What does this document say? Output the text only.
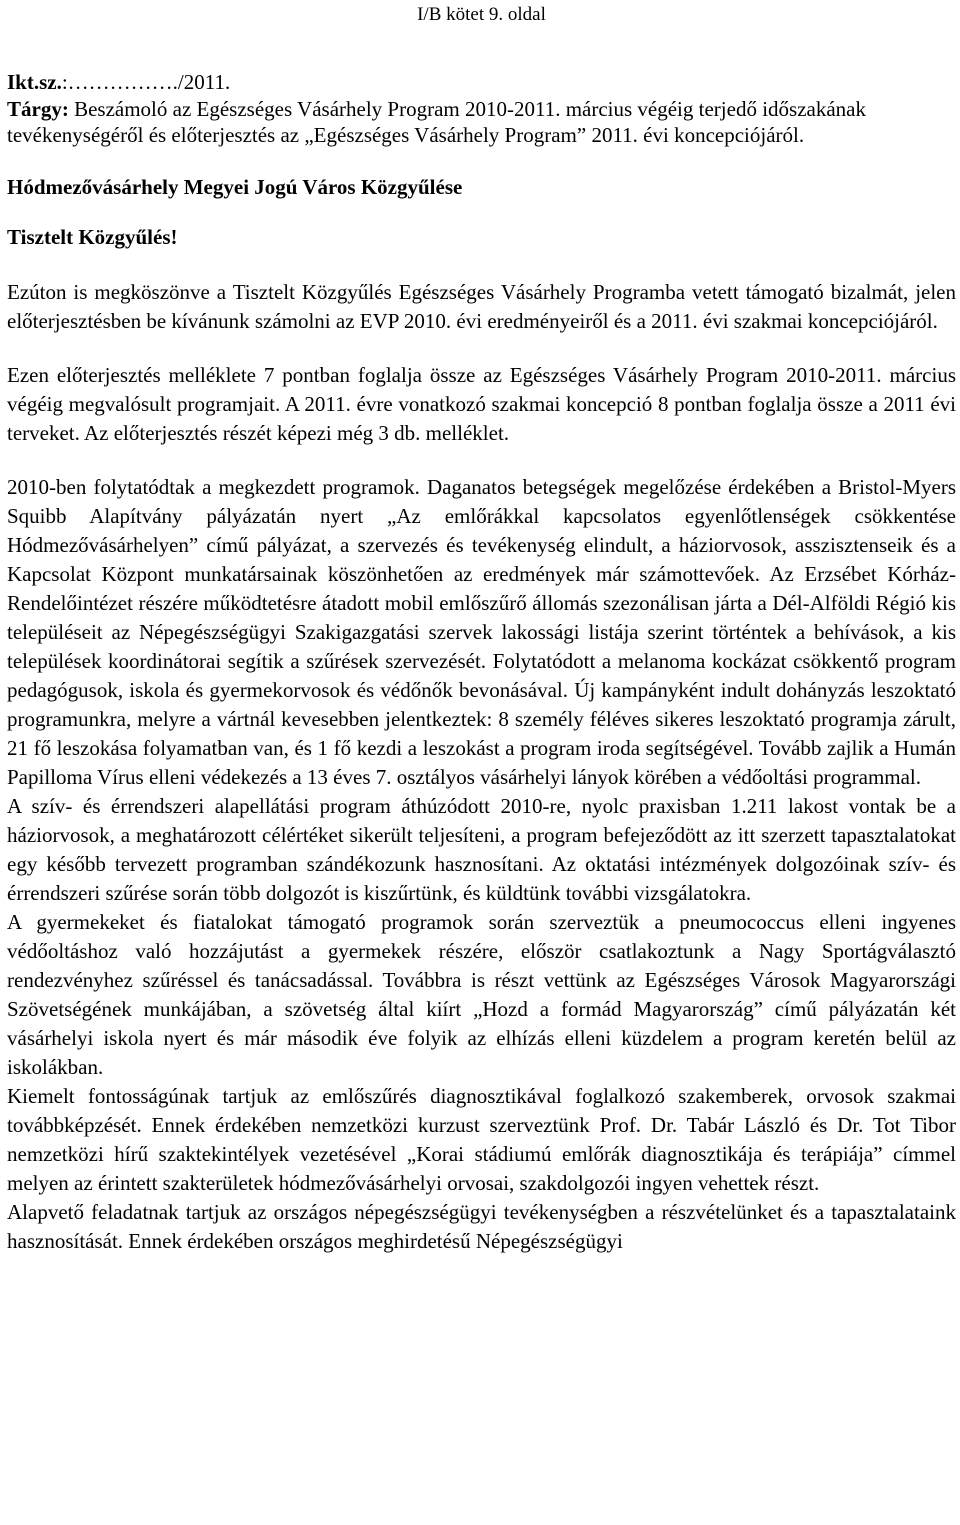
I/B kötet 9. oldal
Ikt.sz.:……………./2011.
Tárgy: Beszámoló az Egészséges Vásárhely Program 2010-2011. március végéig terjedő időszakának tevékenységéről és előterjesztés az „Egészséges Vásárhely Program” 2011. évi koncepciójáról.
Hódmezővásárhely Megyei Jogú Város Közgyűlése
Tisztelt Közgyűlés!

Ezúton is megköszönve a Tisztelt Közgyűlés Egészséges Vásárhely Programba vetett támogató bizalmát, jelen előterjesztésben be kívánunk számolni az EVP 2010. évi eredményeiről és a 2011. évi szakmai koncepciójáról.

Ezen előterjesztés melléklete 7 pontban foglalja össze az Egészséges Vásárhely Program 2010-2011. március végéig megvalósult programjait. A 2011. évre vonatkozó szakmai koncepció 8 pontban foglalja össze a 2011 évi terveket. Az előterjesztés részét képezi még 3 db. melléklet.

2010-ben folytatódtak a megkezdett programok. Daganatos betegségek megelőzése érdekében a Bristol-Myers Squibb Alapítvány pályázatán nyert „Az emlőrákkal kapcsolatos egyenlőtlenségek csökkentése Hódmezővásárhelyen” című pályázat, a szervezés és tevékenység elindult, a háziorvosok, asszisztenseik és a Kapcsolat Központ munkatársainak köszönhetően az eredmények már számottevőek. Az Erzsébet Kórház- Rendelőintézet részére működtetésre átadott mobil emlőszűrő állomás szezonálisan járta a Dél-Alföldi Régió kis településeit az Népegészségügyi Szakigazgatási szervek lakossági listája szerint történtek a behívások, a kis települések koordinátorai segítik a szűrések szervezését. Folytatódott a melanoma kockázat csökkentő program pedagógusok, iskola és gyermekorvosok és védőnők bevonásával. Új kampányként indult dohányzás leszoktató programunkra, melyre a vártnál kevesebben jelentkeztek: 8 személy féléves sikeres leszoktató programja zárult, 21 fő leszokása folyamatban van, és 1 fő kezdi a leszokást a program iroda segítségével. Tovább zajlik a Humán Papilloma Vírus elleni védekezés a 13 éves 7. osztályos vásárhelyi lányok körében a védőoltási programmal.

A szív- és érrendszeri alapellátási program áthúzódott 2010-re, nyolc praxisban 1.211 lakost vontak be a háziorvosok, a meghatározott célértéket sikerült teljesíteni, a program befejeződött az itt szerzett tapasztalatokat egy később tervezett programban szándékozunk hasznosítani. Az oktatási intézmények dolgozóinak szív- és érrendszeri szűrése során több dolgozót is kiszűrtünk, és küldtünk további vizsgálatokra.

A gyermekeket és fiatalokat támogató programok során szerveztük a pneumococcus elleni ingyenes védőoltáshoz való hozzájutást a gyermekek részére, először csatlakoztunk a Nagy Sportágválasztó rendezvényhez szűréssel és tanácsadással. Továbbra is részt vettünk az Egészséges Városok Magyarországi Szövetségének munkájában, a szövetség által kiírt „Hozd a formád Magyarország” című pályázatán két vásárhelyi iskola nyert és már második éve folyik az elhízás elleni küzdelem a program keretén belül az iskolákban.

Kiemelt fontosságúnak tartjuk az emlőszűrés diagnosztikával foglalkozó szakemberek, orvosok szakmai továbbképzését. Ennek érdekében nemzetközi kurzust szerveztünk Prof. Dr. Tabár László és Dr. Tot Tibor nemzetközi hírű szaktekintélyek vezetésével „Korai stádiumú emlőrák diagnosztikája és terápiája” címmel melyen az érintett szakterületek hódmezővásárhelyi orvosai, szakdolgozói ingyen vehettek részt.

Alapvető feladatnak tartjuk az országos népegészségügyi tevékenységben a részvételünket és a tapasztalataink hasznosítását. Ennek érdekében országos meghirdetésű Népegészségügyi
